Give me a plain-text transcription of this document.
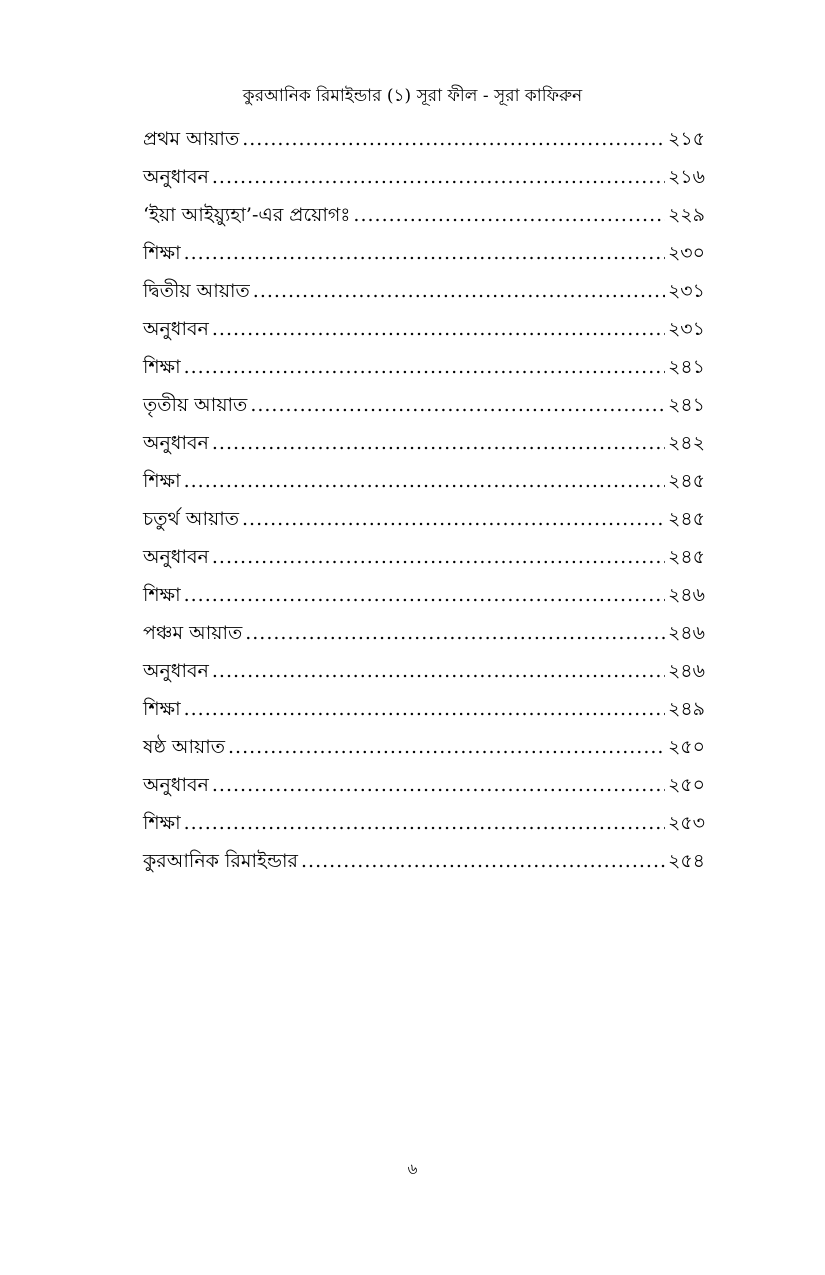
কুরআনিক রিমাইন্ডার (১) সূরা ফীল - সূরা কাফিরুন
প্রথম আয়াত .....	২১৫
অনুধাবন .....	২১৬
‘ইয়া আইয়্যুহা’-এর প্রয়োগঃ .....	২২৯
শিক্ষা .....	২৩০
দ্বিতীয় আয়াত .....	২৩১
অনুধাবন .....	২৩১
শিক্ষা .....	২৪১
তৃতীয় আয়াত .....	২৪১
অনুধাবন .....	২৪২
শিক্ষা .....	২৪৫
চতুর্থ আয়াত .....	২৪৫
অনুধাবন .....	২৪৫
শিক্ষা .....	২৪৬
পঞ্চম আয়াত .....	২৪৬
অনুধাবন .....	২৪৬
শিক্ষা .....	২৪৯
ষষ্ঠ আয়াত .....	২৫০
অনুধাবন .....	২৫০
শিক্ষা .....	২৫৩
কুরআনিক রিমাইন্ডার .....	২৫৪
৬
